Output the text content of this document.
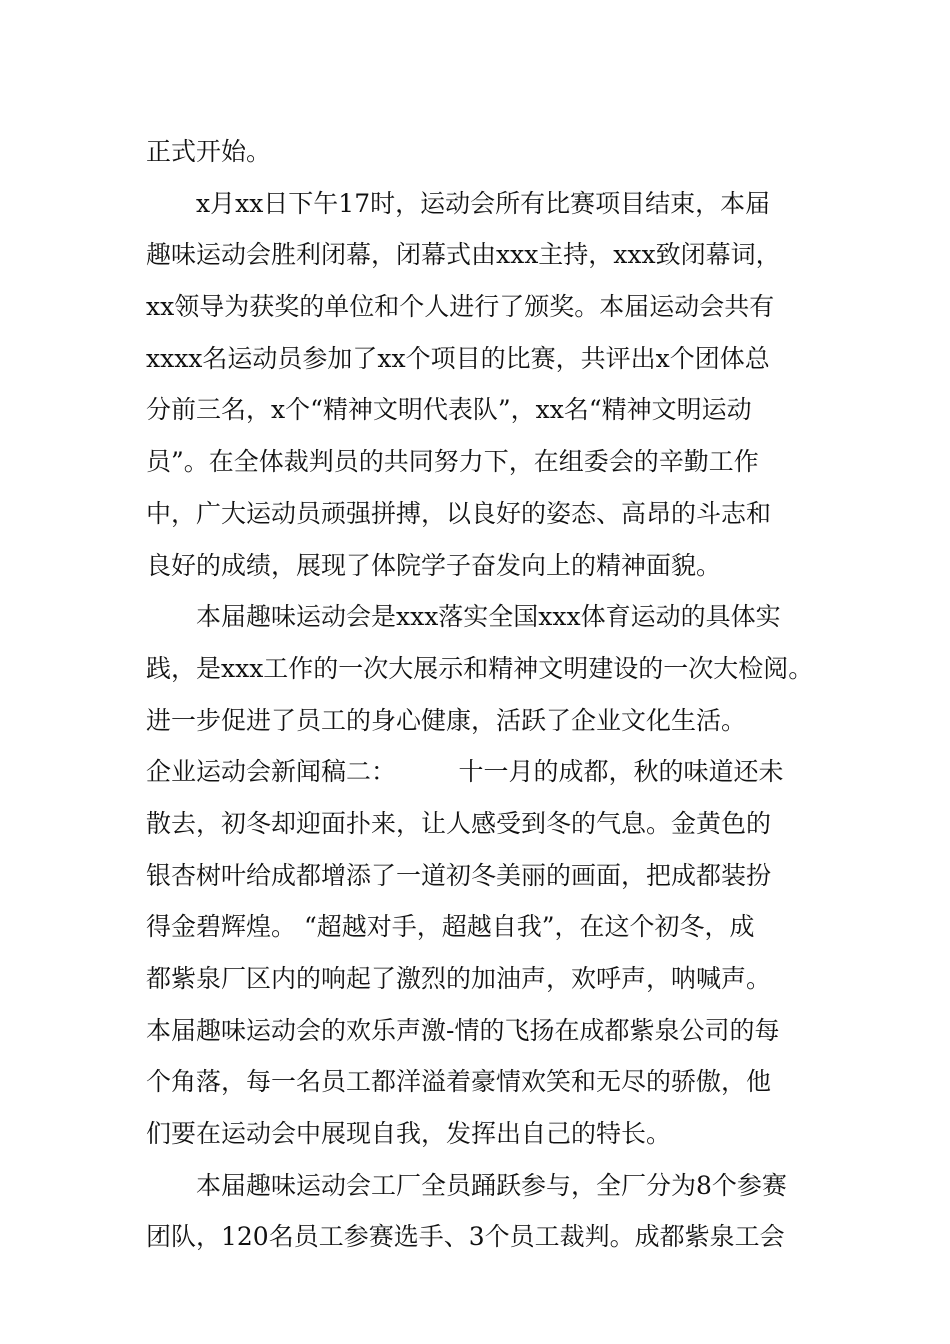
正式开始。
x月xx日下午17时，运动会所有比赛项目结束，本届
趣味运动会胜利闭幕，闭幕式由xxx主持，xxx致闭幕词，
xx领导为获奖的单位和个人进行了颁奖。本届运动会共有
xxxx名运动员参加了xx个项目的比赛，共评出x个团体总
分前三名，x个“精神文明代表队”，xx名“精神文明运动
员”。在全体裁判员的共同努力下，在组委会的辛勤工作
中，广大运动员顽强拼搏，以良好的姿态、高昂的斗志和
良好的成绩，展现了体院学子奋发向上的精神面貌。
本届趣味运动会是xxx落实全国xxx体育运动的具体实
践，是xxx工作的一次大展示和精神文明建设的一次大检阅。
进一步促进了员工的身心健康，活跃了企业文化生活。
企业运动会新闻稿二：　　　十一月的成都，秋的味道还未
散去，初冬却迎面扑来，让人感受到冬的气息。金黄色的
银杏树叶给成都增添了一道初冬美丽的画面，把成都装扮
得金碧辉煌。 “超越对手，超越自我”，在这个初冬，成
都紫泉厂区内的响起了激烈的加油声，欢呼声，呐喊声。
本届趣味运动会的欢乐声激-情的飞扬在成都紫泉公司的每
个角落，每一名员工都洋溢着豪情欢笑和无尽的骄傲，他
们要在运动会中展现自我，发挥出自己的特长。
本届趣味运动会工厂全员踊跃参与，全厂分为8个参赛
团队，120名员工参赛选手、3个员工裁判。成都紫泉工会
